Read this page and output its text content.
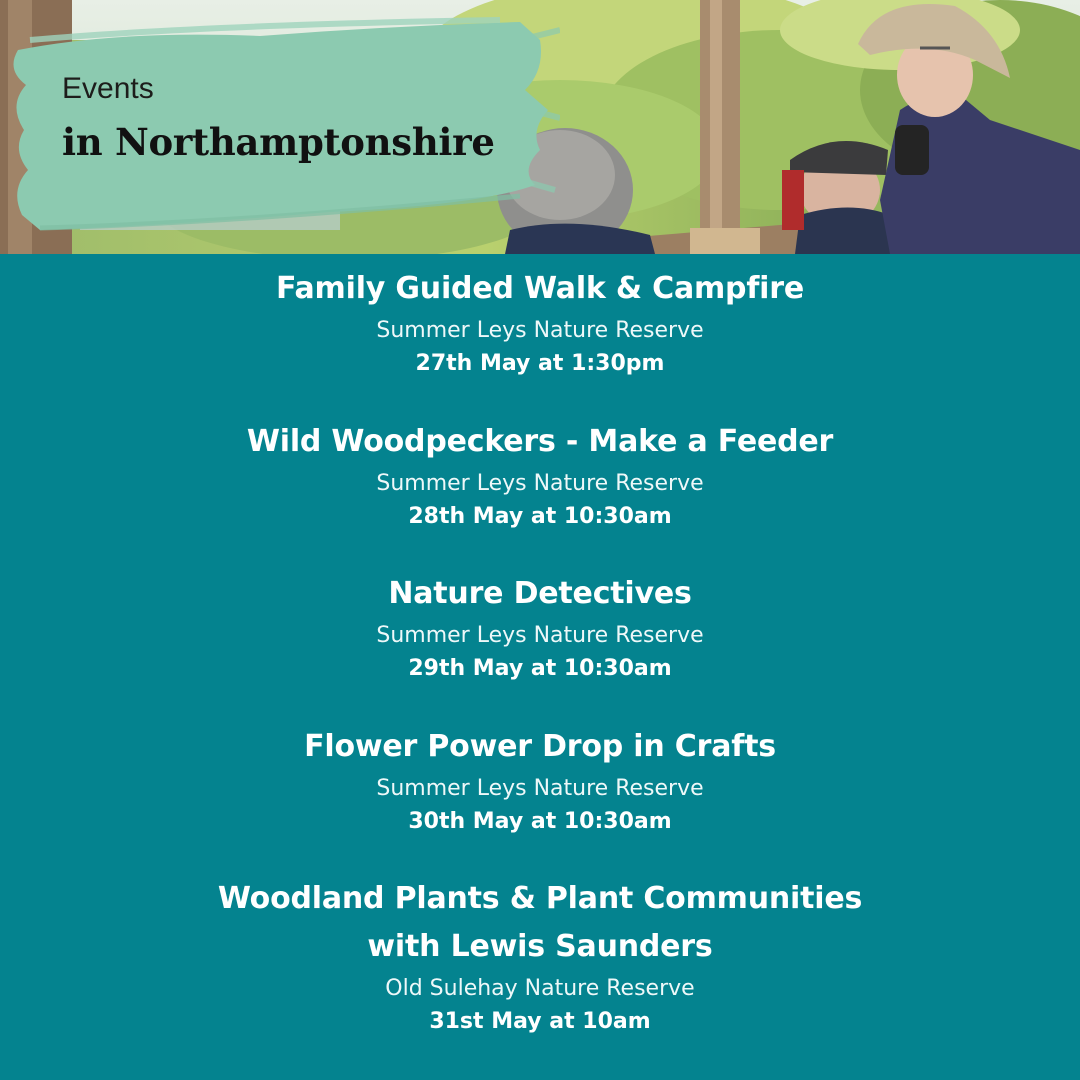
Events
in Northamptonshire
Family Guided Walk & Campfire
Summer Leys Nature Reserve
27th May at 1:30pm
Wild Woodpeckers - Make a Feeder
Summer Leys Nature Reserve
28th May at 10:30am
Nature Detectives
Summer Leys Nature Reserve
29th May at 10:30am
Flower Power Drop in Crafts
Summer Leys Nature Reserve
30th May at 10:30am
Woodland Plants & Plant Communities
with Lewis Saunders
Old Sulehay Nature Reserve
31st May at 10am
